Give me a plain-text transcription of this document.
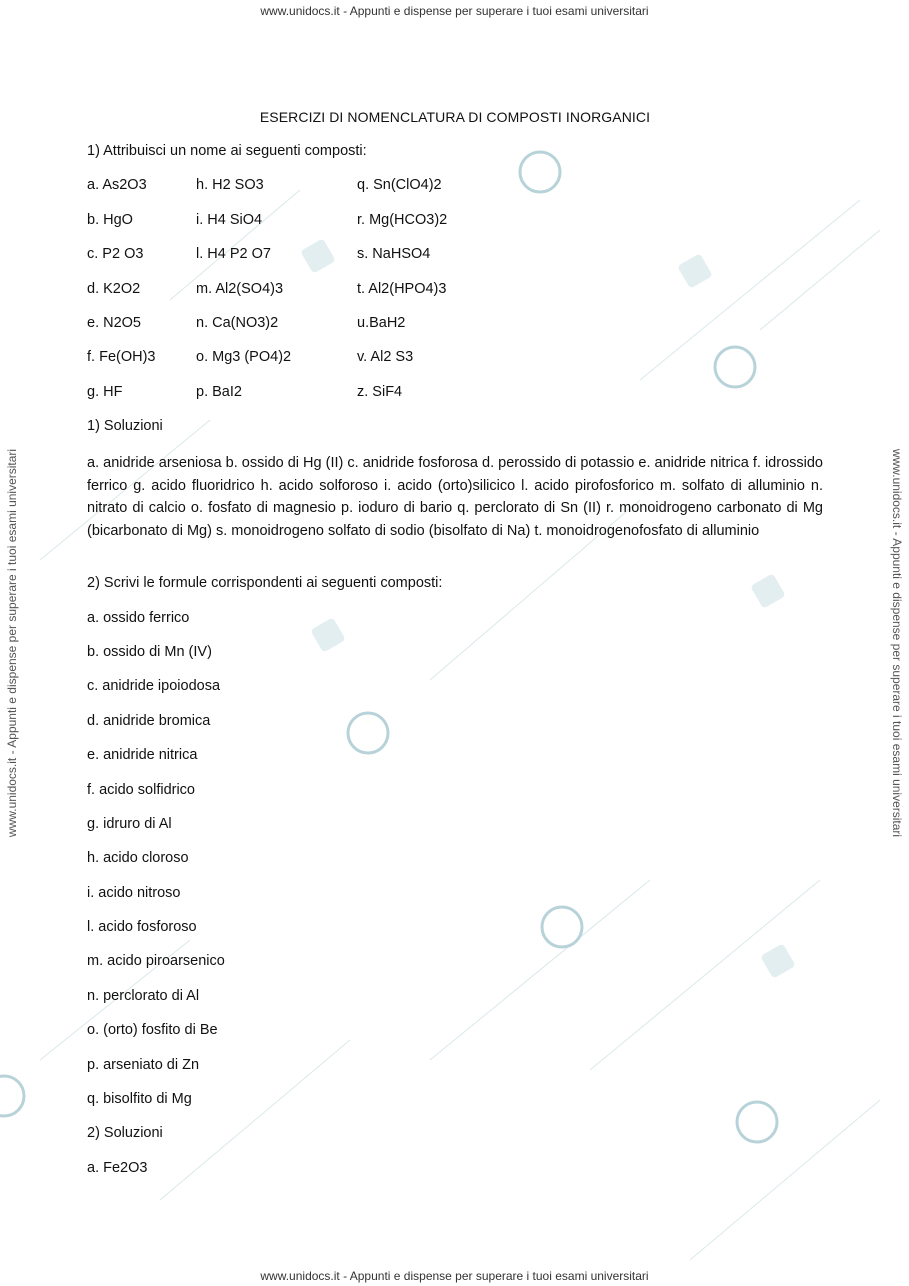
www.unidocs.it - Appunti e dispense per superare i tuoi esami universitari
www.unidocs.it - Appunti e dispense per superare i tuoi esami universitari
www.unidocs.it - Appunti e dispense per superare i tuoi esami universitari	www.unidocs.it - Appunti e dispense per superare i tuoi esami universitari
ESERCIZI DI NOMENCLATURA DI COMPOSTI INORGANICI
1) Attribuisci un nome ai seguenti composti:
a. As2O3	h. H2 SO3	q. Sn(ClO4)2
b. HgO	i. H4 SiO4	r. Mg(HCO3)2
c. P2 O3	l. H4 P2 O7	s. NaHSO4
d. K2O2	m. Al2(SO4)3	t. Al2(HPO4)3
e. N2O5	n. Ca(NO3)2	u.BaH2
f. Fe(OH)3	o. Mg3 (PO4)2	v. Al2 S3
g. HF	p. BaI2	z. SiF4
1) Soluzioni
a. anidride arseniosa b. ossido di Hg (II) c. anidride fosforosa d. perossido di potassio e. anidride nitrica f. idrossido ferrico g. acido fluoridrico h. acido solforoso i. acido (orto)silicico l. acido pirofosforico m. solfato di alluminio n. nitrato di calcio o. fosfato di magnesio p. ioduro di bario q. perclorato di Sn (II) r. monoidrogeno carbonato di Mg (bicarbonato di Mg) s. monoidrogeno solfato di sodio (bisolfato di Na) t. monoidrogenofosfato di alluminio
2) Scrivi le formule corrispondenti ai seguenti composti:
a. ossido ferrico
b. ossido di Mn (IV)
c. anidride ipoiodosa
d. anidride bromica
e. anidride nitrica
f. acido solfidrico
g. idruro di Al
h. acido cloroso
i. acido nitroso
l. acido fosforoso
m. acido piroarsenico
n. perclorato di Al
o. (orto) fosfito di Be
p. arseniato di Zn
q. bisolfito di Mg
2) Soluzioni
a. Fe2O3
